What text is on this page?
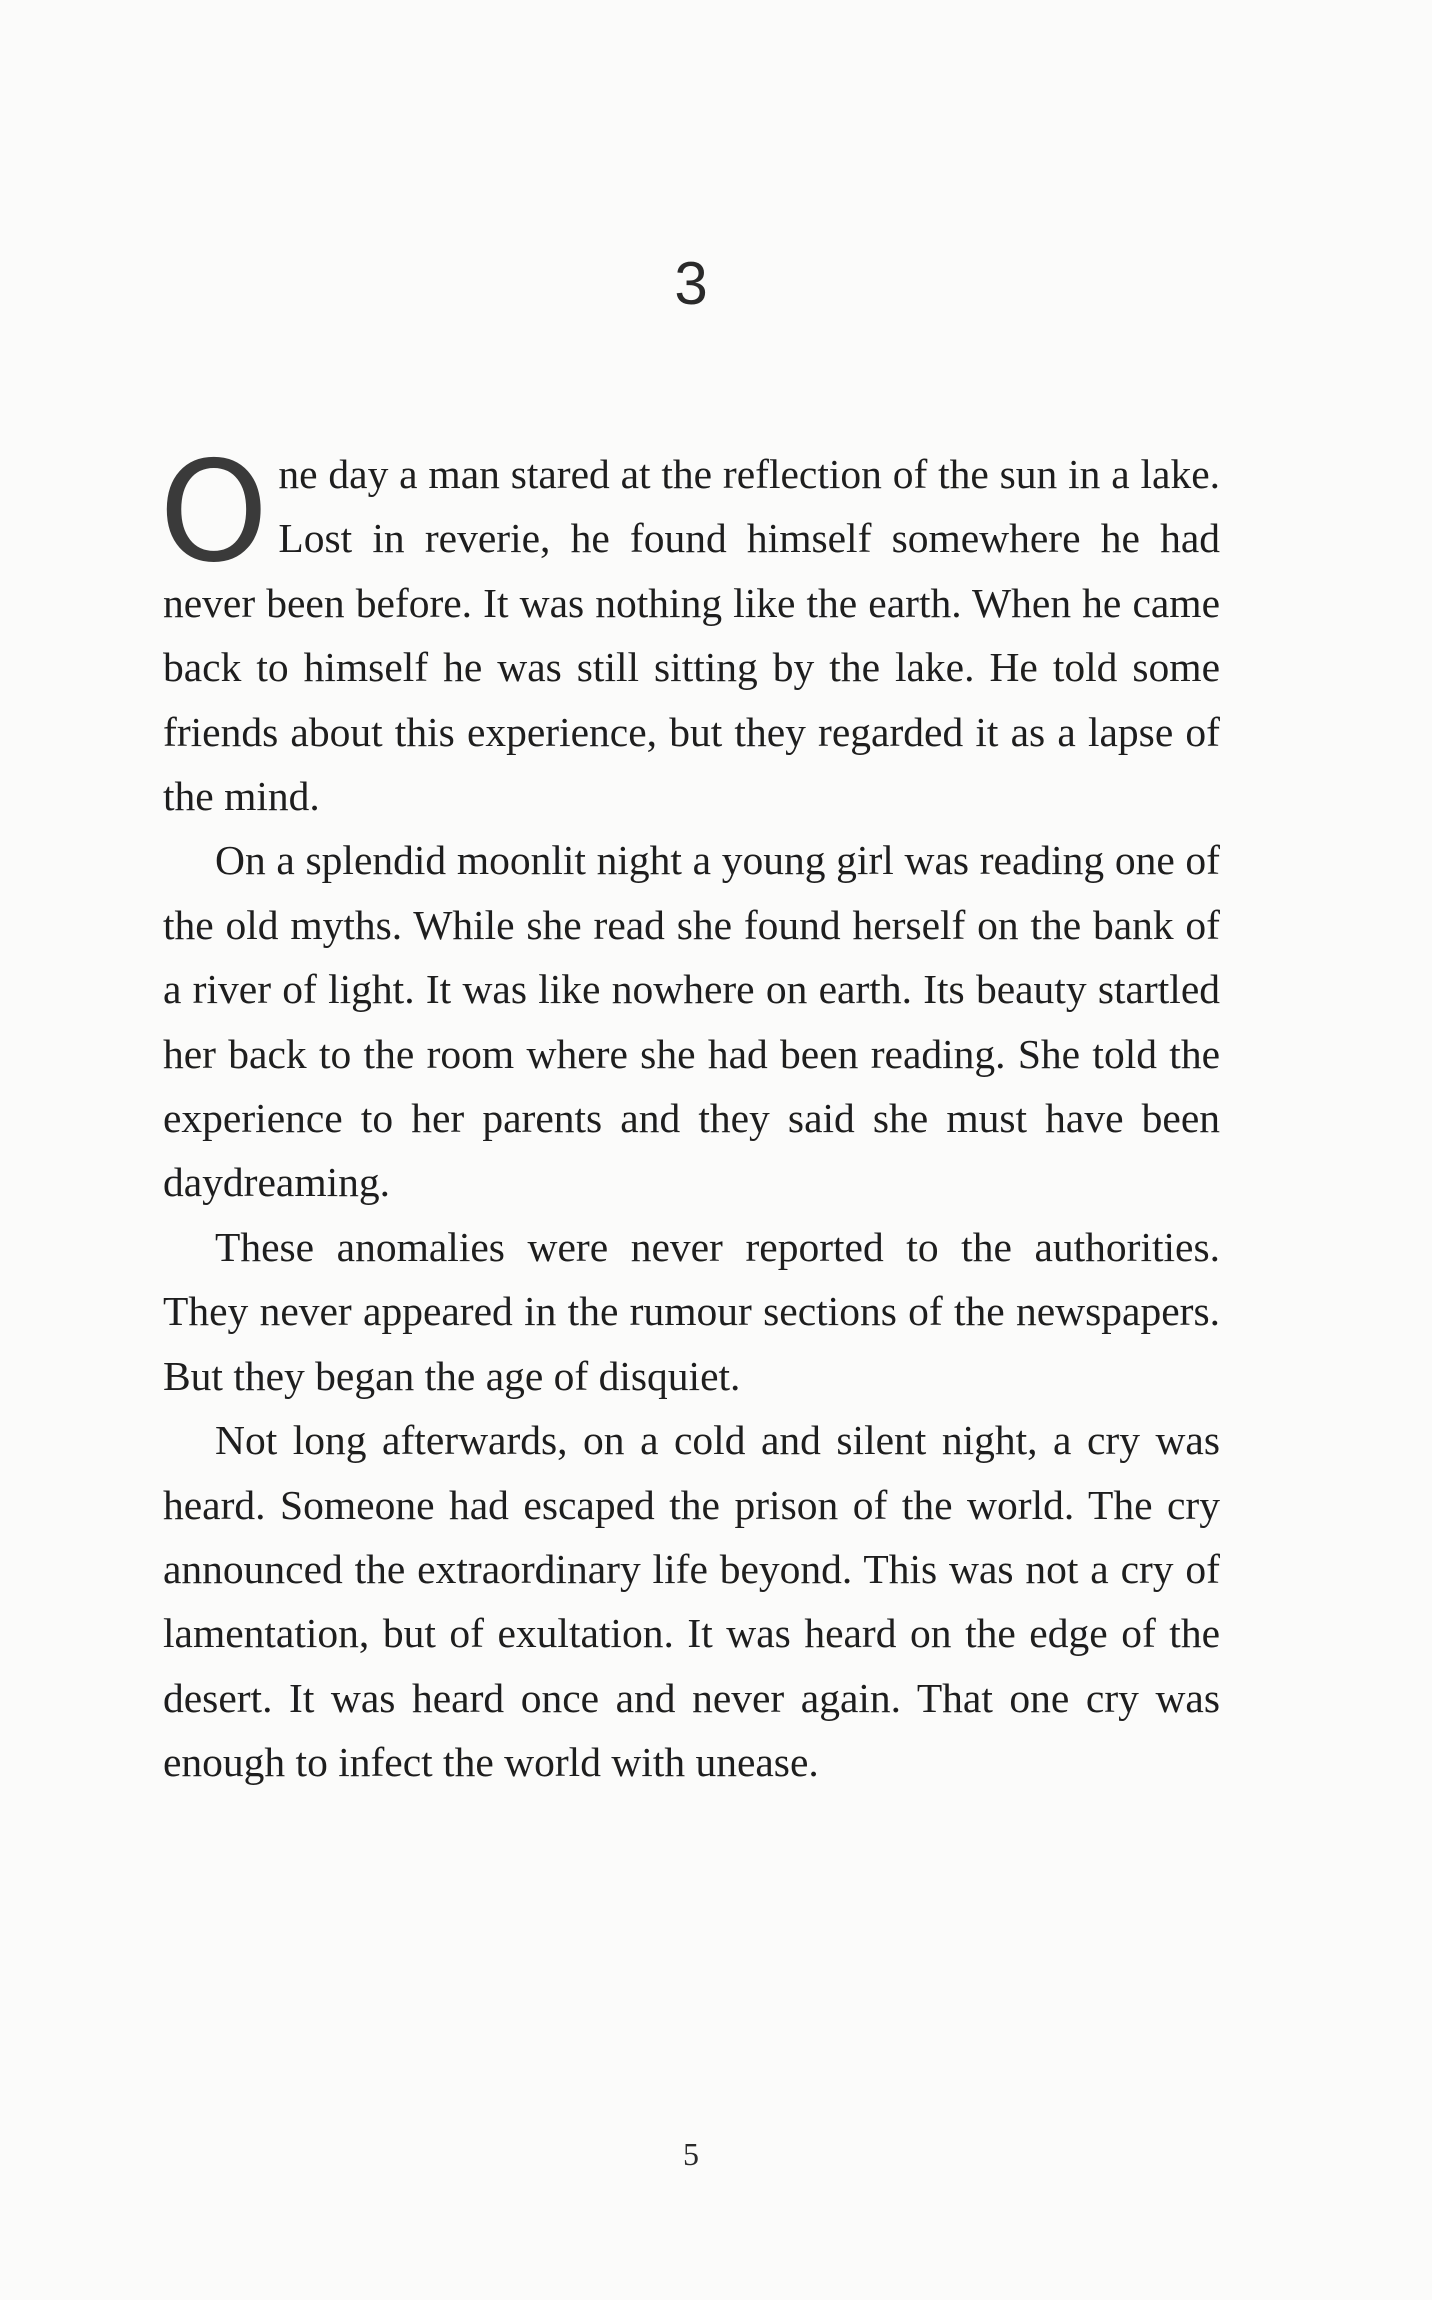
3

O ne day a man stared at the reflection of the sun in a lake. Lost in reverie, he found himself somewhere he had never been before. It was nothing like the earth. When he came back to himself he was still sitting by the lake. He told some friends about this experience, but they regarded it as a lapse of the mind.

On a splendid moonlit night a young girl was reading one of the old myths. While she read she found herself on the bank of a river of light. It was like nowhere on earth. Its beauty startled her back to the room where she had been reading. She told the experience to her parents and they said she must have been daydreaming.

These anomalies were never reported to the authorities. They never appeared in the rumour sections of the newspapers. But they began the age of disquiet.

Not long afterwards, on a cold and silent night, a cry was heard. Someone had escaped the prison of the world. The cry announced the extraordinary life beyond. This was not a cry of lamentation, but of exultation. It was heard on the edge of the desert. It was heard once and never again. That one cry was enough to infect the world with unease.

5
